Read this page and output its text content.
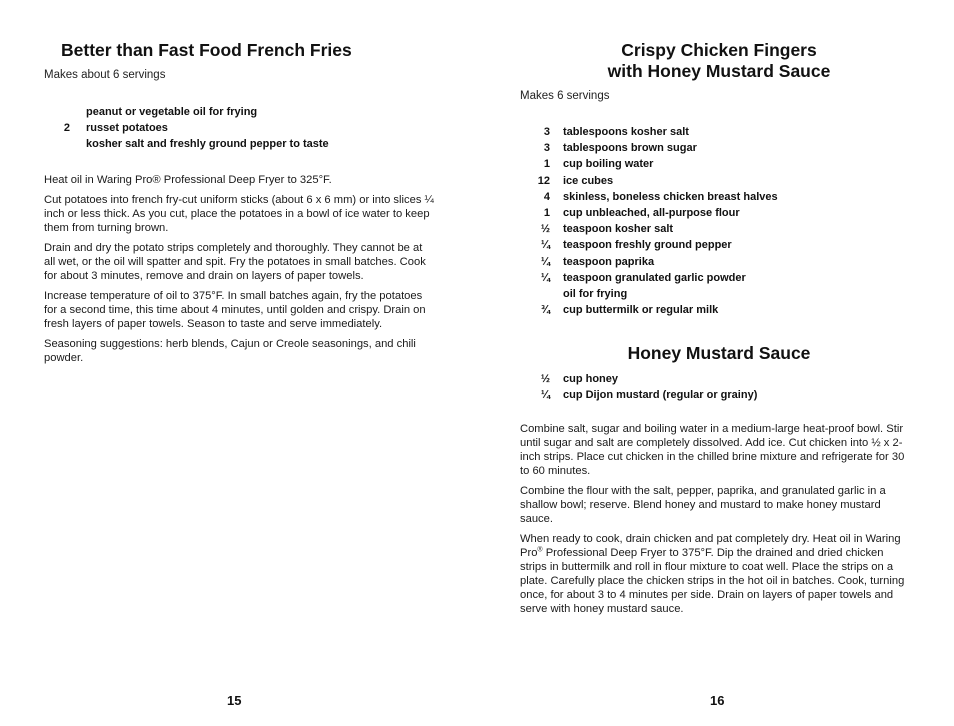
Better than Fast Food French Fries
Makes about 6 servings
peanut or vegetable oil for frying
2 russet potatoes
kosher salt and freshly ground pepper to taste

Heat oil in Waring Pro® Professional Deep Fryer to 325°F.

Cut potatoes into french fry-cut uniform sticks (about 6 x 6 mm) or into slices ¼ inch or less thick. As you cut, place the potatoes in a bowl of ice water to keep them from turning brown.

Drain and dry the potato strips completely and thoroughly. They cannot be at all wet, or the oil will spatter and spit. Fry the potatoes in small batches. Cook for about 3 minutes, remove and drain on layers of paper towels.

Increase temperature of oil to 375°F. In small batches again, fry the potatoes for a second time, this time about 4 minutes, until golden and crispy. Drain on fresh layers of paper towels. Season to taste and serve immediately.

Seasoning suggestions: herb blends, Cajun or Creole seasonings, and chili powder.

15
Crispy Chicken Fingers
with Honey Mustard Sauce
Makes 6 servings
3 tablespoons kosher salt
3 tablespoons brown sugar
1 cup boiling water
12 ice cubes
4 skinless, boneless chicken breast halves
1 cup unbleached, all-purpose flour
½ teaspoon kosher salt
¼ teaspoon freshly ground pepper
¼ teaspoon paprika
¼ teaspoon granulated garlic powder
oil for frying
¾ cup buttermilk or regular milk
Honey Mustard Sauce
½ cup honey
¼ cup Dijon mustard (regular or grainy)

Combine salt, sugar and boiling water in a medium-large heat-proof bowl. Stir until sugar and salt are completely dissolved. Add ice. Cut chicken into ½ x 2-inch strips. Place cut chicken in the chilled brine mixture and refrigerate for 30 to 60 minutes.

Combine the flour with the salt, pepper, paprika, and granulated garlic in a shallow bowl; reserve. Blend honey and mustard to make honey mustard sauce.

When ready to cook, drain chicken and pat completely dry. Heat oil in Waring Pro® Professional Deep Fryer to 375°F. Dip the drained and dried chicken strips in buttermilk and roll in flour mixture to coat well. Place the strips on a plate. Carefully place the chicken strips in the hot oil in batches. Cook, turning once, for about 3 to 4 minutes per side. Drain on layers of paper towels and serve with honey mustard sauce.

16
